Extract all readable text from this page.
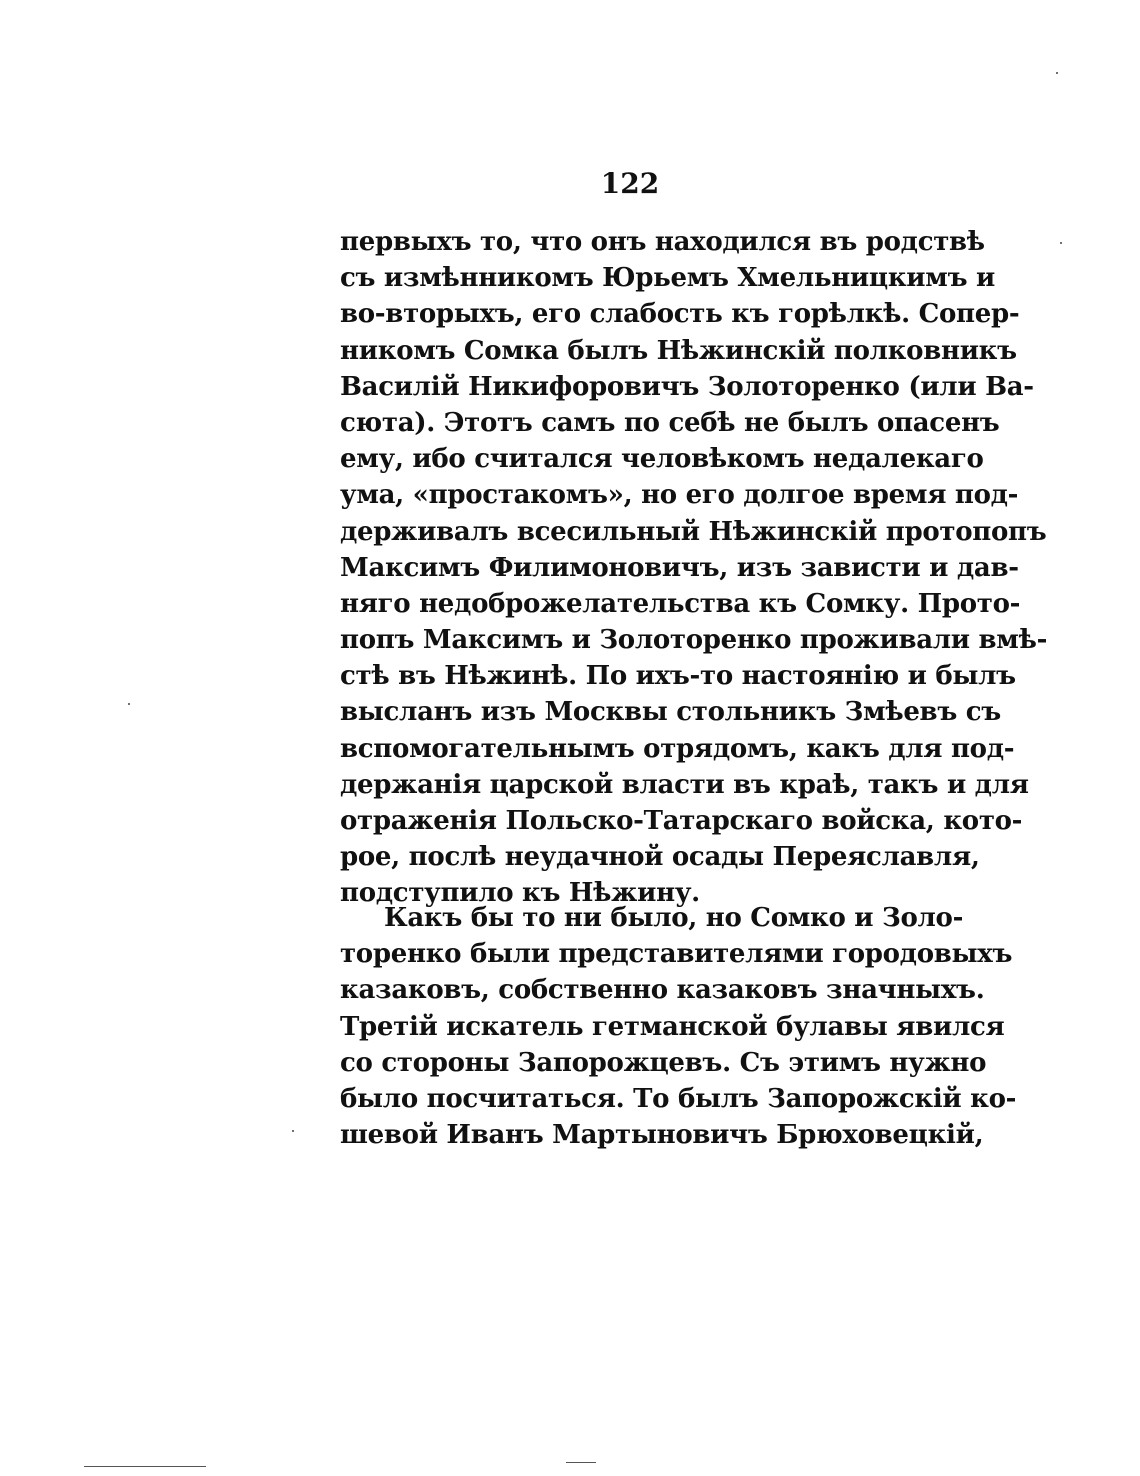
122
первыхъ то, что онъ находился въ родствѣ
съ измѣнникомъ Юрьемъ Хмельницкимъ и
во-вторыхъ, его слабость къ горѣлкѣ. Сопер-
никомъ Сомка былъ Нѣжинскій полковникъ
Василій Никифоровичъ Золоторенко (или Ва-
сюта). Этотъ самъ по себѣ не былъ опасенъ
ему, ибо считался человѣкомъ недалекаго
ума, «простакомъ», но его долгое время под-
держивалъ всесильный Нѣжинскій протопопъ
Максимъ Филимоновичъ, изъ зависти и дав-
няго недоброжелательства къ Сомку. Прото-
попъ Максимъ и Золоторенко проживали вмѣ-
стѣ въ Нѣжинѣ. По ихъ-то настоянію и былъ
высланъ изъ Москвы стольникъ Змѣевъ съ
вспомогательнымъ отрядомъ, какъ для под-
держанія царской власти въ краѣ, такъ и для
отраженія Польско-Татарскаго войска, кото-
рое, послѣ неудачной осады Переяславля,
подступило къ Нѣжину.
Какъ бы то ни было, но Сомко и Золо-
торенко были представителями городовыхъ
казаковъ, собственно казаковъ значныхъ.
Третій искатель гетманской булавы явился
со стороны Запорожцевъ. Съ этимъ нужно
было посчитаться. То былъ Запорожскій ко-
шевой Иванъ Мартыновичъ Брюховецкій,
